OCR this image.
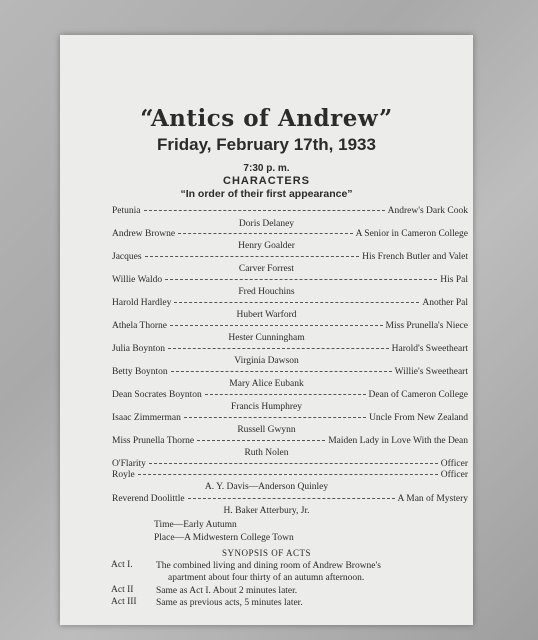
“Antics of Andrew”
Friday, February 17th, 1933
7:30 p. m.
CHARACTERS
“In order of their first appearance”
Petunia	Andrew's Dark Cook
Doris Delaney
Andrew Browne	A Senior in Cameron College
Henry Goalder
Jacques	His French Butler and Valet
Carver Forrest
Willie Waldo	His Pal
Fred Houchins
Harold Hardley	Another Pal
Hubert Warford
Athela Thorne	Miss Prunella's Niece
Hester Cunningham
Julia Boynton	Harold's Sweetheart
Virginia Dawson
Betty Boynton	Willie's Sweetheart
Mary Alice Eubank
Dean Socrates Boynton	Dean of Cameron College
Francis Humphrey
Isaac Zimmerman	Uncle From New Zealand
Russell Gwynn
Miss Prunella Thorne	Maiden Lady in Love With the Dean
Ruth Nolen
O'Flarity	Officer
Royle	Officer
A. Y. Davis—Anderson Quinley
Reverend Doolittle	A Man of Mystery
H. Baker Atterbury, Jr.
Time—Early Autumn
Place—A Midwestern College Town
SYNOPSIS OF ACTS
Act I. The combined living and dining room of Andrew Browne's
apartment about four thirty of an autumn afternoon.
Act II Same as Act I. About 2 minutes later.
Act III Same as previous acts, 5 minutes later.
